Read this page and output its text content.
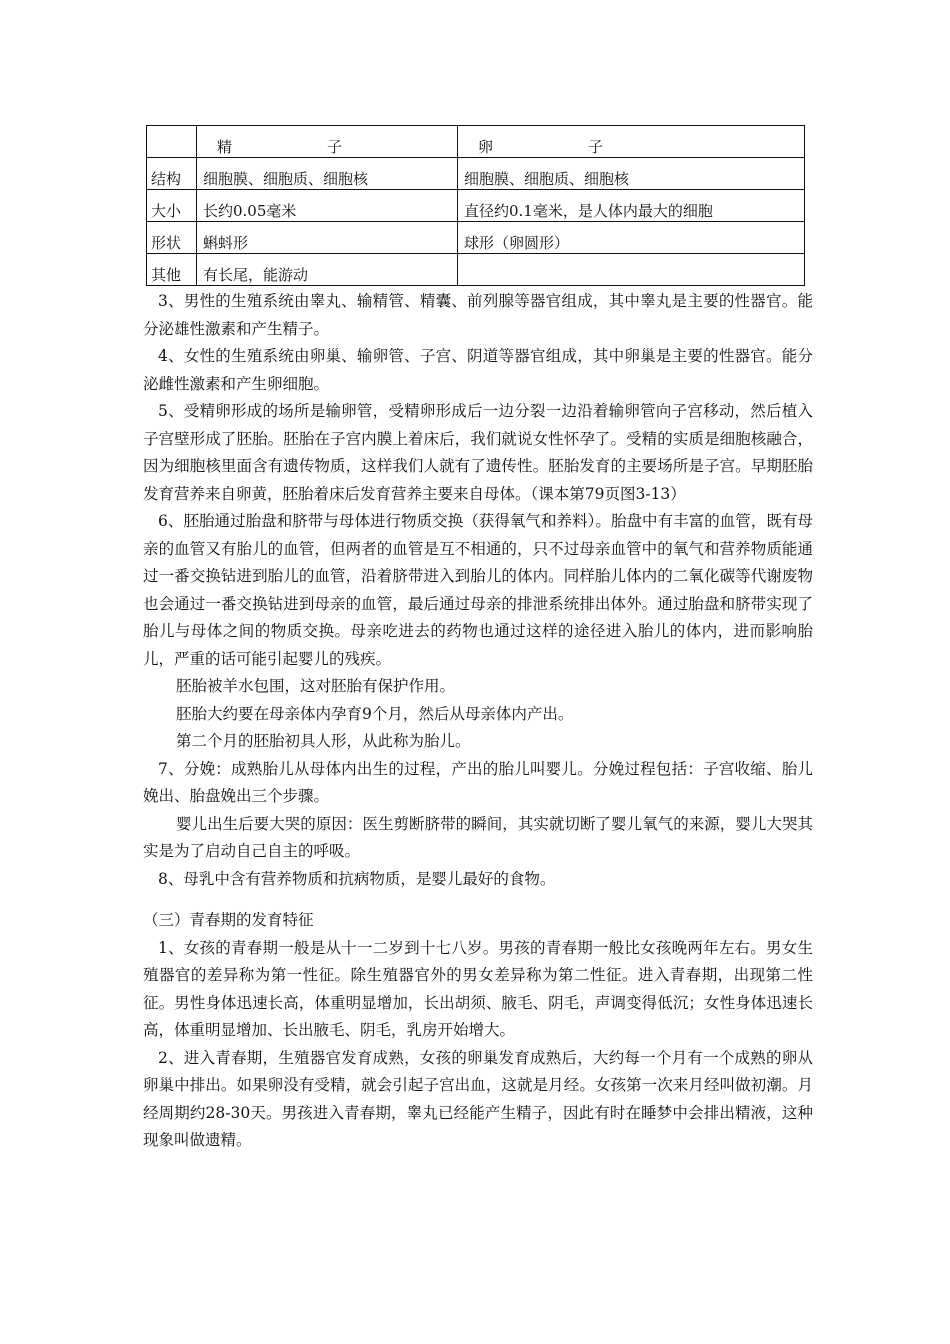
	精 子	卵 子
结构	细胞膜、细胞质、细胞核	细胞膜、细胞质、细胞核
大小	长约0.05毫米	直径约0.1毫米，是人体内最大的细胞
形状	蝌蚪形	球形（卵圆形）
其他	有长尾，能游动	

3、男性的生殖系统由睾丸、输精管、精囊、前列腺等器官组成，其中睾丸是主要的性器官。能分泌雄性激素和产生精子。

4、女性的生殖系统由卵巢、输卵管、子宫、阴道等器官组成，其中卵巢是主要的性器官。能分泌雌性激素和产生卵细胞。

5、受精卵形成的场所是输卵管，受精卵形成后一边分裂一边沿着输卵管向子宫移动，然后植入子宫壁形成了胚胎。胚胎在子宫内膜上着床后，我们就说女性怀孕了。受精的实质是细胞核融合，因为细胞核里面含有遗传物质，这样我们人就有了遗传性。胚胎发育的主要场所是子宫。早期胚胎发育营养来自卵黄，胚胎着床后发育营养主要来自母体。（课本第79页图3-13）

6、胚胎通过胎盘和脐带与母体进行物质交换（获得氧气和养料）。胎盘中有丰富的血管，既有母亲的血管又有胎儿的血管，但两者的血管是互不相通的，只不过母亲血管中的氧气和营养物质能通过一番交换钻进到胎儿的血管，沿着脐带进入到胎儿的体内。同样胎儿体内的二氧化碳等代谢废物也会通过一番交换钻进到母亲的血管，最后通过母亲的排泄系统排出体外。通过胎盘和脐带实现了胎儿与母体之间的物质交换。母亲吃进去的药物也通过这样的途径进入胎儿的体内，进而影响胎儿，严重的话可能引起婴儿的残疾。

胚胎被羊水包围，这对胚胎有保护作用。

胚胎大约要在母亲体内孕育9个月，然后从母亲体内产出。

第二个月的胚胎初具人形，从此称为胎儿。

7、分娩：成熟胎儿从母体内出生的过程，产出的胎儿叫婴儿。分娩过程包括：子宫收缩、胎儿娩出、胎盘娩出三个步骤。

婴儿出生后要大哭的原因：医生剪断脐带的瞬间，其实就切断了婴儿氧气的来源，婴儿大哭其实是为了启动自己自主的呼吸。

8、母乳中含有营养物质和抗病物质，是婴儿最好的食物。

（三）青春期的发育特征

1、女孩的青春期一般是从十一二岁到十七八岁。男孩的青春期一般比女孩晚两年左右。男女生殖器官的差异称为第一性征。除生殖器官外的男女差异称为第二性征。进入青春期，出现第二性征。男性身体迅速长高，体重明显增加，长出胡须、腋毛、阴毛，声调变得低沉；女性身体迅速长高，体重明显增加、长出腋毛、阴毛，乳房开始增大。

2、进入青春期，生殖器官发育成熟，女孩的卵巢发育成熟后，大约每一个月有一个成熟的卵从卵巢中排出。如果卵没有受精，就会引起子宫出血，这就是月经。女孩第一次来月经叫做初潮。月经周期约28-30天。男孩进入青春期，睾丸已经能产生精子，因此有时在睡梦中会排出精液，这种现象叫做遗精。
